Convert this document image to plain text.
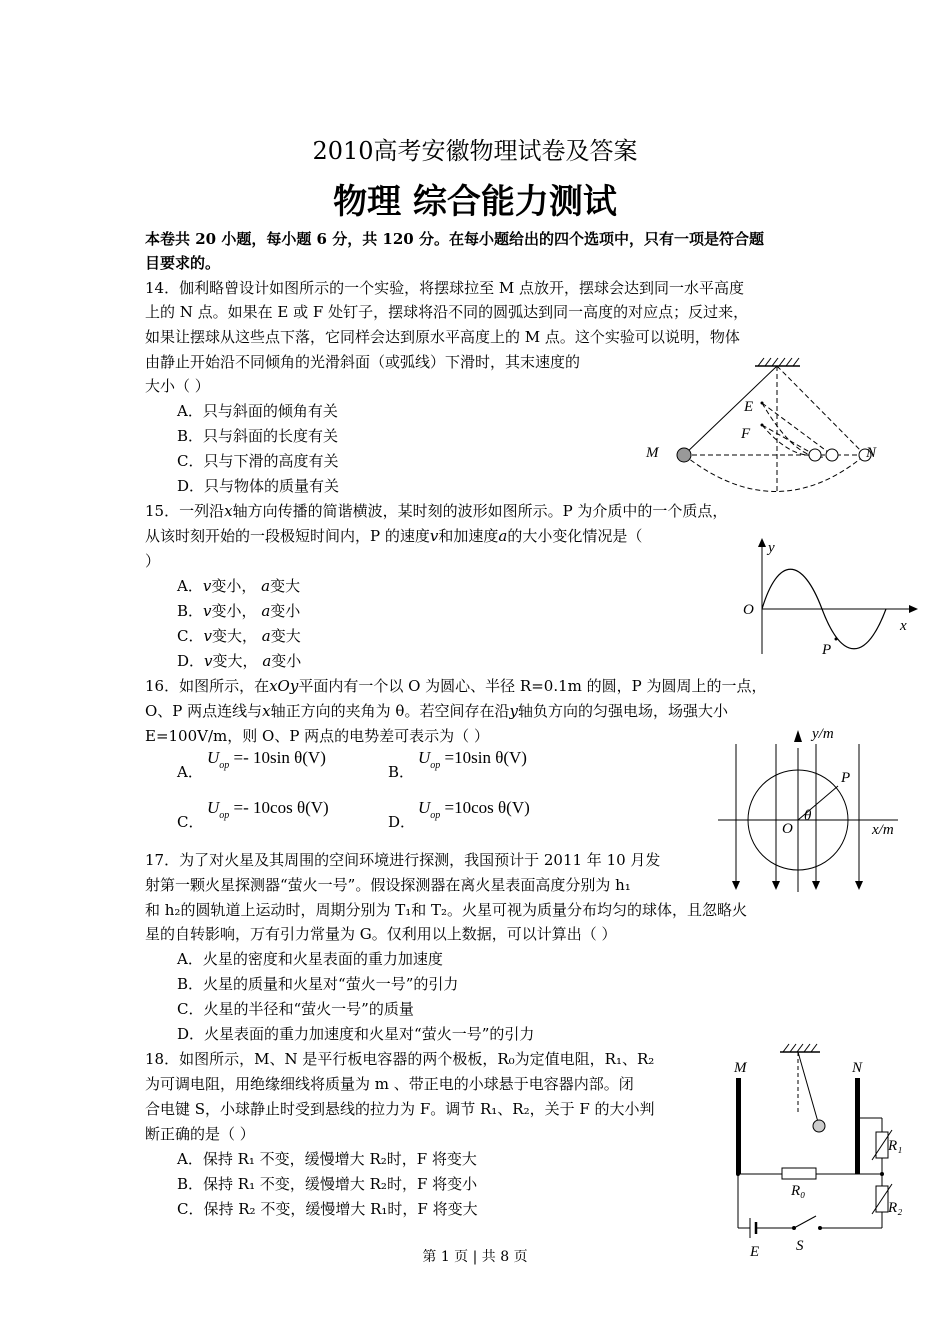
2010高考安徽物理试卷及答案
物理 综合能力测试
本卷共 20 小题，每小题 6 分，共 120 分。在每小题给出的四个选项中，只有一项是符合题
目要求的。
14．伽利略曾设计如图所示的一个实验，将摆球拉至 M 点放开，摆球会达到同一水平高度
上的 N 点。如果在 E 或 F 处钉子，摆球将沿不同的圆弧达到同一高度的对应点；反过来，
如果让摆球从这些点下落，它同样会达到原水平高度上的 M 点。这个实验可以说明，物体
由静止开始沿不同倾角的光滑斜面（或弧线）下滑时，其末速度的
大小（ ）
A．只与斜面的倾角有关
B．只与斜面的长度有关
C．只与下滑的高度有关
D．只与物体的质量有关
M
E
F
N
15．一列沿x轴方向传播的简谐横波，某时刻的波形如图所示。P 为介质中的一个质点，
从该时刻开始的一段极短时间内，P 的速度v和加速度a的大小变化情况是（
）
A．v变小， a变大
B．v变小， a变小
C．v变大， a变大
D．v变大， a变小
y
x
O
P
16．如图所示，在xOy平面内有一个以 O 为圆心、半径 R=0.1m 的圆，P 为圆周上的一点，
O、P 两点连线与x轴正方向的夹角为 θ。若空间存在沿y轴负方向的匀强电场，场强大小
E=100V/m，则 O、P 两点的电势差可表示为（ ）
A．
$U_{op} =- 10\sin$ θ(V)
B．
$U_{op} =10\sin$ θ(V)
C．
$U_{op} =- 10\cos$ θ(V)
D．
$U_{op} =10\cos$ θ(V)
y/m
x/m
O
P
θ
17．为了对火星及其周围的空间环境进行探测，我国预计于 2011 年 10 月发
射第一颗火星探测器“萤火一号”。假设探测器在离火星表面高度分别为 h₁
和 h₂的圆轨道上运动时，周期分别为 T₁和 T₂。火星可视为质量分布均匀的球体，且忽略火
星的自转影响，万有引力常量为 G。仅利用以上数据，可以计算出（ ）
A．火星的密度和火星表面的重力加速度
B．火星的质量和火星对“萤火一号”的引力
C．火星的半径和“萤火一号”的质量
D．火星表面的重力加速度和火星对“萤火一号”的引力
18．如图所示，M、N 是平行板电容器的两个极板，R₀为定值电阻，R₁、R₂
为可调电阻，用绝缘细线将质量为 m 、带正电的小球悬于电容器内部。闭
合电键 S，小球静止时受到悬线的拉力为 F。调节 R₁、R₂，关于 F 的大小判
断正确的是（ ）
A．保持 R₁ 不变，缓慢增大 R₂时，F 将变大
B．保持 R₁ 不变，缓慢增大 R₂时，F 将变小
C．保持 R₂ 不变，缓慢增大 R₁时，F 将变大
M	N
R₁
R₂
R₀
E S
第 1 页 | 共 8 页
